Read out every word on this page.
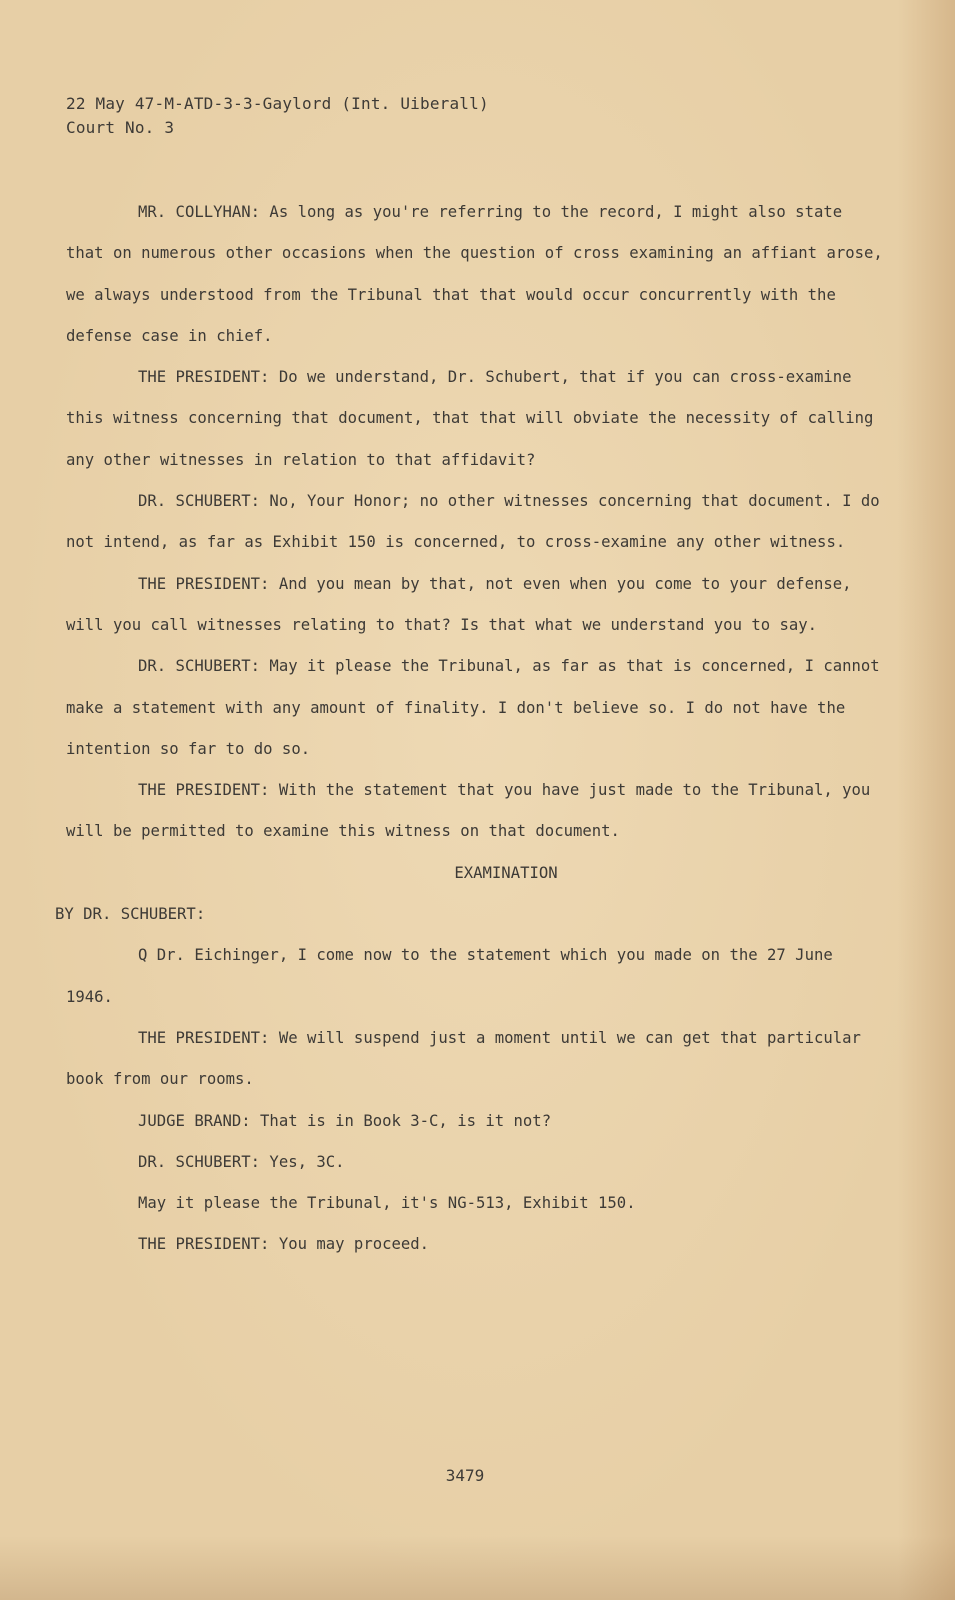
22 May 47-M-ATD-3-3-Gaylord (Int. Uiberall)
Court No. 3

MR. COLLYHAN: As long as you're referring to the record, I might also state that on numerous other occasions when the question of cross examining an affiant arose, we always understood from the Tribunal that that would occur concurrently with the defense case in chief.

THE PRESIDENT: Do we understand, Dr. Schubert, that if you can cross-examine this witness concerning that document, that that will obviate the necessity of calling any other witnesses in relation to that affidavit?

DR. SCHUBERT: No, Your Honor; no other witnesses concerning that document. I do not intend, as far as Exhibit 150 is concerned, to cross-examine any other witness.

THE PRESIDENT: And you mean by that, not even when you come to your defense, will you call witnesses relating to that? Is that what we understand you to say.

DR. SCHUBERT: May it please the Tribunal, as far as that is concerned, I cannot make a statement with any amount of finality. I don't believe so. I do not have the intention so far to do so.

THE PRESIDENT: With the statement that you have just made to the Tribunal, you will be permitted to examine this witness on that document.

EXAMINATION

BY DR. SCHUBERT:

Q Dr. Eichinger, I come now to the statement which you made on the 27 June 1946.

THE PRESIDENT: We will suspend just a moment until we can get that particular book from our rooms.

JUDGE BRAND: That is in Book 3-C, is it not?

DR. SCHUBERT: Yes, 3C.

May it please the Tribunal, it's NG-513, Exhibit 150.

THE PRESIDENT: You may proceed.

3479
